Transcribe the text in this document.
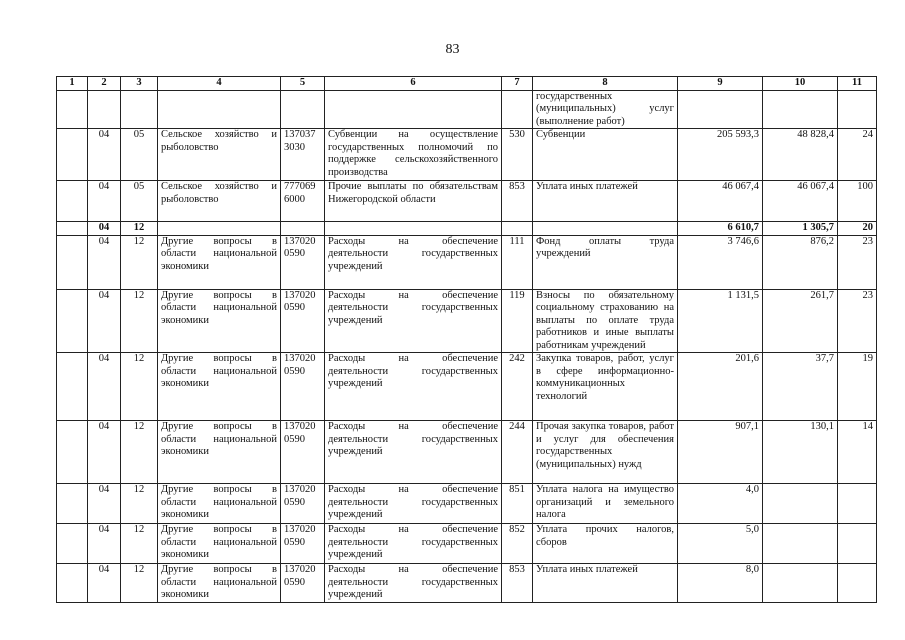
83
1	2	3	4	5	6	7	8	9	10	11
							государственных (муниципальных) услуг (выполнение работ)			
	04	05	Сельское хозяйство и рыболовство	137037 3030	Субвенции на осуществление государственных полномочий по поддержке сельскохозяйственного производства	530	Субвенции	205 593,3	48 828,4	24
	04	05	Сельское хозяйство и рыболовство	777069 6000	Прочие выплаты по обязательствам Нижегородской области	853	Уплата иных платежей	46 067,4	46 067,4	100
	04	12						6 610,7	1 305,7	20
	04	12	Другие вопросы в области национальной экономики	137020 0590	Расходы на обеспечение деятельности государственных учреждений	111	Фонд оплаты труда учреждений	3 746,6	876,2	23
	04	12	Другие вопросы в области национальной экономики	137020 0590	Расходы на обеспечение деятельности государственных учреждений	119	Взносы по обязательному социальному страхованию на выплаты по оплате труда работников и иные выплаты работникам учреждений	1 131,5	261,7	23
	04	12	Другие вопросы в области национальной экономики	137020 0590	Расходы на обеспечение деятельности государственных учреждений	242	Закупка товаров, работ, услуг в сфере информационно-коммуникационных технологий	201,6	37,7	19
	04	12	Другие вопросы в области национальной экономики	137020 0590	Расходы на обеспечение деятельности государственных учреждений	244	Прочая закупка товаров, работ и услуг для обеспечения государственных (муниципальных) нужд	907,1	130,1	14
	04	12	Другие вопросы в области национальной экономики	137020 0590	Расходы на обеспечение деятельности государственных учреждений	851	Уплата налога на имущество организаций и земельного налога	4,0		
	04	12	Другие вопросы в области национальной экономики	137020 0590	Расходы на обеспечение деятельности государственных учреждений	852	Уплата прочих налогов, сборов	5,0		
	04	12	Другие вопросы в области национальной экономики	137020 0590	Расходы на обеспечение деятельности государственных учреждений	853	Уплата иных платежей	8,0		
